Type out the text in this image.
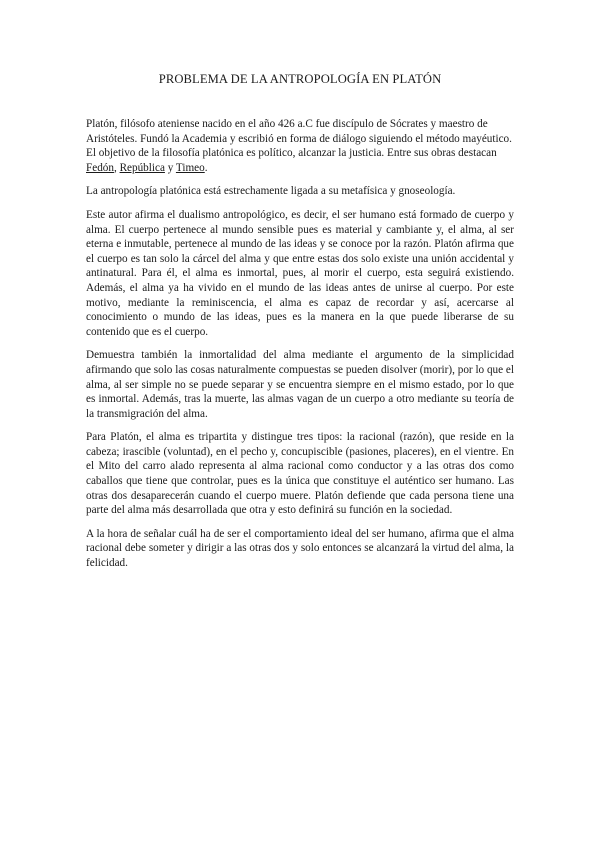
PROBLEMA DE LA ANTROPOLOGÍA EN PLATÓN

Platón, filósofo ateniense nacido en el año 426 a.C fue discípulo de Sócrates y maestro de Aristóteles. Fundó la Academia y escribió en forma de diálogo siguiendo el método mayéutico. El objetivo de la filosofía platónica es político, alcanzar la justicia. Entre sus obras destacan Fedón, República y Timeo.

La antropología platónica está estrechamente ligada a su metafísica y gnoseología.

Este autor afirma el dualismo antropológico, es decir, el ser humano está formado de cuerpo y alma. El cuerpo pertenece al mundo sensible pues es material y cambiante y, el alma, al ser eterna e inmutable, pertenece al mundo de las ideas y se conoce por la razón. Platón afirma que el cuerpo es tan solo la cárcel del alma y que entre estas dos solo existe una unión accidental y antinatural. Para él, el alma es inmortal, pues, al morir el cuerpo, esta seguirá existiendo. Además, el alma ya ha vivido en el mundo de las ideas antes de unirse al cuerpo. Por este motivo, mediante la reminiscencia, el alma es capaz de recordar y así, acercarse al conocimiento o mundo de las ideas, pues es la manera en la que puede liberarse de su contenido que es el cuerpo.

Demuestra también la inmortalidad del alma mediante el argumento de la simplicidad afirmando que solo las cosas naturalmente compuestas se pueden disolver (morir), por lo que el alma, al ser simple no se puede separar y se encuentra siempre en el mismo estado, por lo que es inmortal. Además, tras la muerte, las almas vagan de un cuerpo a otro mediante su teoría de la transmigración del alma.

Para Platón, el alma es tripartita y distingue tres tipos: la racional (razón), que reside en la cabeza; irascible (voluntad), en el pecho y, concupiscible (pasiones, placeres), en el vientre. En el Mito del carro alado representa al alma racional como conductor y a las otras dos como caballos que tiene que controlar, pues es la única que constituye el auténtico ser humano. Las otras dos desaparecerán cuando el cuerpo muere. Platón defiende que cada persona tiene una parte del alma más desarrollada que otra y esto definirá su función en la sociedad.

A la hora de señalar cuál ha de ser el comportamiento ideal del ser humano, afirma que el alma racional debe someter y dirigir a las otras dos y solo entonces se alcanzará la virtud del alma, la felicidad.
